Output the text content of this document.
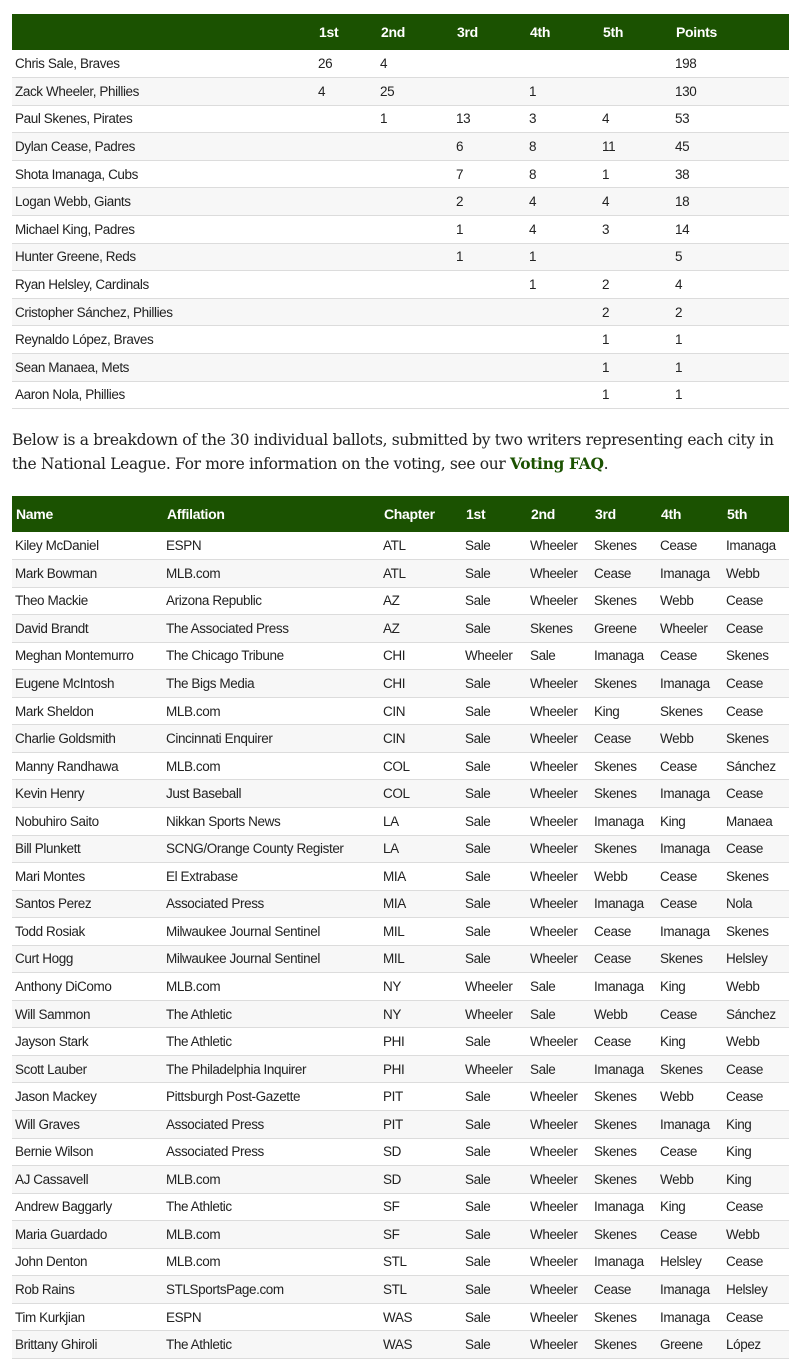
	1st	2nd	3rd	4th	5th	Points
Chris Sale, Braves	26	4				198
Zack Wheeler, Phillies	4	25		1		130
Paul Skenes, Pirates		1	13	3	4	53
Dylan Cease, Padres			6	8	11	45
Shota Imanaga, Cubs			7	8	1	38
Logan Webb, Giants			2	4	4	18
Michael King, Padres			1	4	3	14
Hunter Greene, Reds			1	1		5
Ryan Helsley, Cardinals				1	2	4
Cristopher Sánchez, Phillies					2	2
Reynaldo López, Braves					1	1
Sean Manaea, Mets					1	1
Aaron Nola, Phillies					1	1

Below is a breakdown of the 30 individual ballots, submitted by two writers representing each city in the National League. For more information on the voting, see our Voting FAQ.

Name	Affilation	Chapter	1st	2nd	3rd	4th	5th
Kiley McDaniel	ESPN	ATL	Sale	Wheeler	Skenes	Cease	Imanaga
Mark Bowman	MLB.com	ATL	Sale	Wheeler	Cease	Imanaga	Webb
Theo Mackie	Arizona Republic	AZ	Sale	Wheeler	Skenes	Webb	Cease
David Brandt	The Associated Press	AZ	Sale	Skenes	Greene	Wheeler	Cease
Meghan Montemurro	The Chicago Tribune	CHI	Wheeler	Sale	Imanaga	Cease	Skenes
Eugene McIntosh	The Bigs Media	CHI	Sale	Wheeler	Skenes	Imanaga	Cease
Mark Sheldon	MLB.com	CIN	Sale	Wheeler	King	Skenes	Cease
Charlie Goldsmith	Cincinnati Enquirer	CIN	Sale	Wheeler	Cease	Webb	Skenes
Manny Randhawa	MLB.com	COL	Sale	Wheeler	Skenes	Cease	Sánchez
Kevin Henry	Just Baseball	COL	Sale	Wheeler	Skenes	Imanaga	Cease
Nobuhiro Saito	Nikkan Sports News	LA	Sale	Wheeler	Imanaga	King	Manaea
Bill Plunkett	SCNG/Orange County Register	LA	Sale	Wheeler	Skenes	Imanaga	Cease
Mari Montes	El Extrabase	MIA	Sale	Wheeler	Webb	Cease	Skenes
Santos Perez	Associated Press	MIA	Sale	Wheeler	Imanaga	Cease	Nola
Todd Rosiak	Milwaukee Journal Sentinel	MIL	Sale	Wheeler	Cease	Imanaga	Skenes
Curt Hogg	Milwaukee Journal Sentinel	MIL	Sale	Wheeler	Cease	Skenes	Helsley
Anthony DiComo	MLB.com	NY	Wheeler	Sale	Imanaga	King	Webb
Will Sammon	The Athletic	NY	Wheeler	Sale	Webb	Cease	Sánchez
Jayson Stark	The Athletic	PHI	Sale	Wheeler	Cease	King	Webb
Scott Lauber	The Philadelphia Inquirer	PHI	Wheeler	Sale	Imanaga	Skenes	Cease
Jason Mackey	Pittsburgh Post-Gazette	PIT	Sale	Wheeler	Skenes	Webb	Cease
Will Graves	Associated Press	PIT	Sale	Wheeler	Skenes	Imanaga	King
Bernie Wilson	Associated Press	SD	Sale	Wheeler	Skenes	Cease	King
AJ Cassavell	MLB.com	SD	Sale	Wheeler	Skenes	Webb	King
Andrew Baggarly	The Athletic	SF	Sale	Wheeler	Imanaga	King	Cease
Maria Guardado	MLB.com	SF	Sale	Wheeler	Skenes	Cease	Webb
John Denton	MLB.com	STL	Sale	Wheeler	Imanaga	Helsley	Cease
Rob Rains	STLSportsPage.com	STL	Sale	Wheeler	Cease	Imanaga	Helsley
Tim Kurkjian	ESPN	WAS	Sale	Wheeler	Skenes	Imanaga	Cease
Brittany Ghiroli	The Athletic	WAS	Sale	Wheeler	Skenes	Greene	López
